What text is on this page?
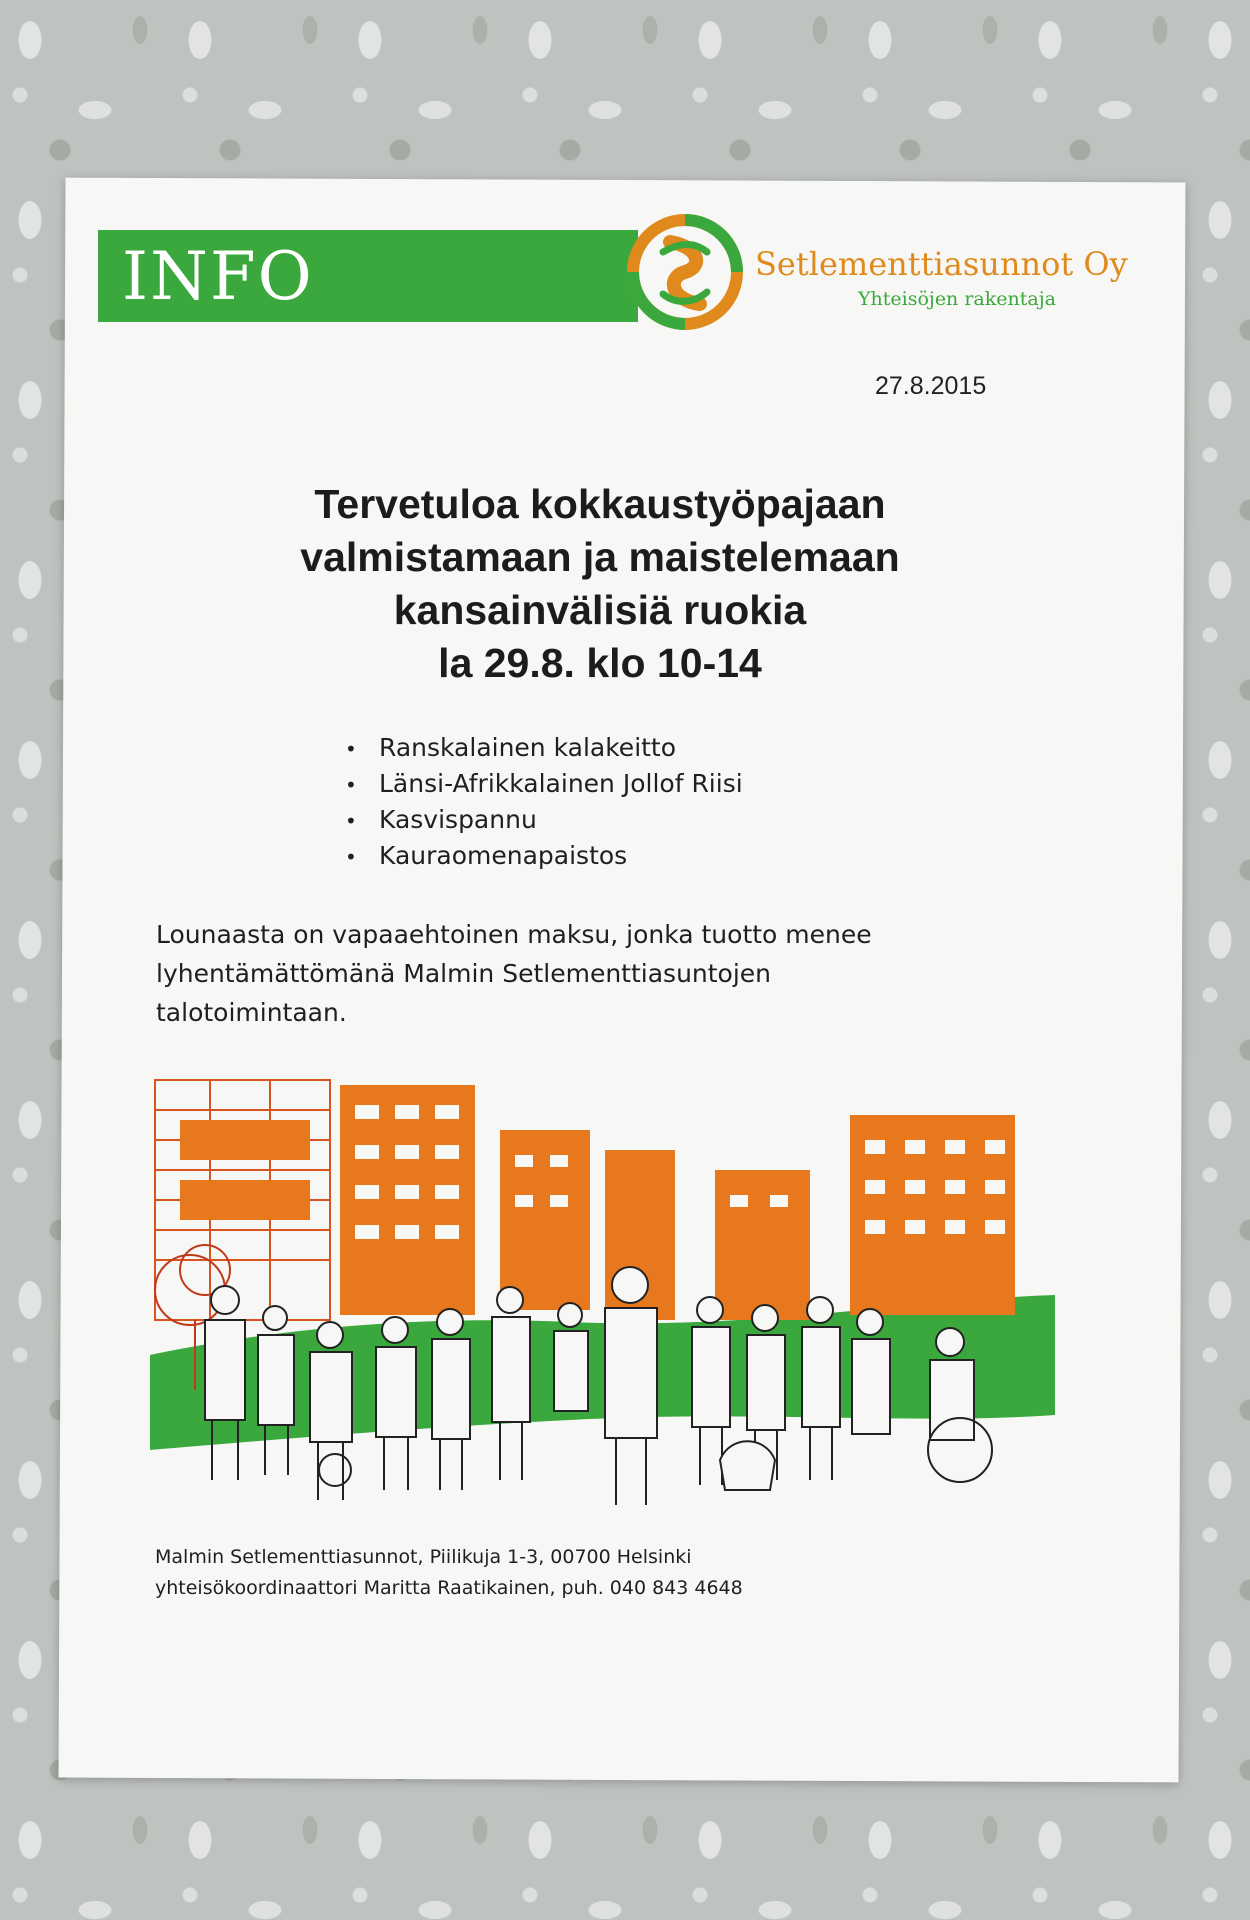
INFO	Setlementtiasunnot Oy
Yhteisöjen rakentaja
27.8.2015
Tervetuloa kokkaustyöpajaan
valmistamaan ja maistelemaan
kansainvälisiä ruokia
la 29.8. klo 10-14
• Ranskalainen kalakeitto
• Länsi-Afrikkalainen Jollof Riisi
• Kasvispannu
• Kauraomenapaistos
Lounaasta on vapaaehtoinen maksu, jonka tuotto menee
lyhentämättömänä Malmin Setlementtiasuntojen
talotoimintaan.
Malmin Setlementtiasunnot, Piilikuja 1-3, 00700 Helsinki
yhteisökoordinaattori Maritta Raatikainen, puh. 040 843 4648
